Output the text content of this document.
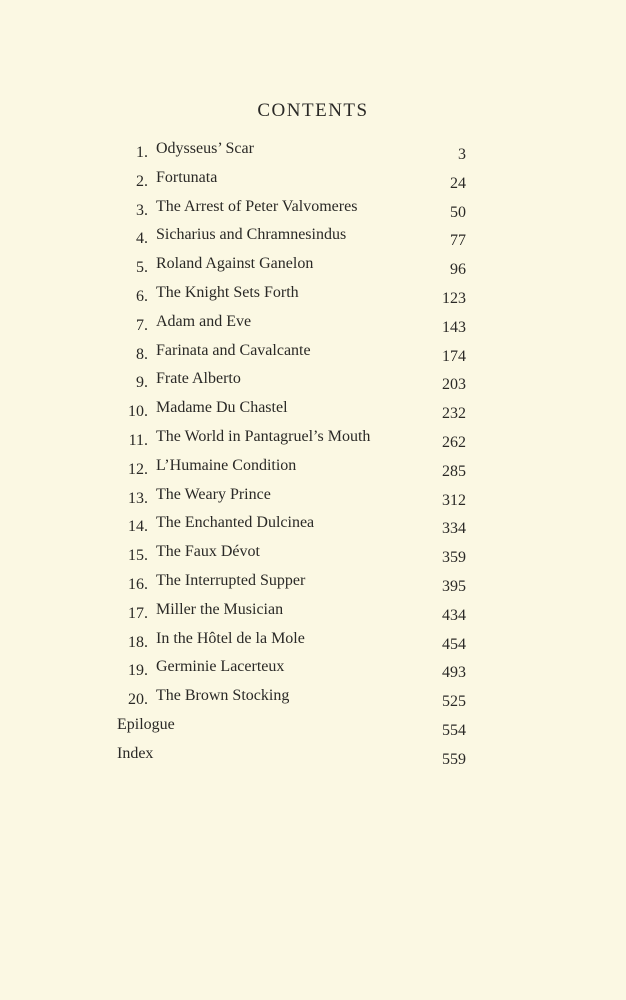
CONTENTS
1. Odysseus’ Scar	3
2. Fortunata	24
3. The Arrest of Peter Valvomeres	50
4. Sicharius and Chramnesindus	77
5. Roland Against Ganelon	96
6. The Knight Sets Forth	123
7. Adam and Eve	143
8. Farinata and Cavalcante	174
9. Frate Alberto	203
10. Madame Du Chastel	232
11. The World in Pantagruel’s Mouth	262
12. L’Humaine Condition	285
13. The Weary Prince	312
14. The Enchanted Dulcinea	334
15. The Faux Dévot	359
16. The Interrupted Supper	395
17. Miller the Musician	434
18. In the Hôtel de la Mole	454
19. Germinie Lacerteux	493
20. The Brown Stocking	525
Epilogue	554
Index	559
